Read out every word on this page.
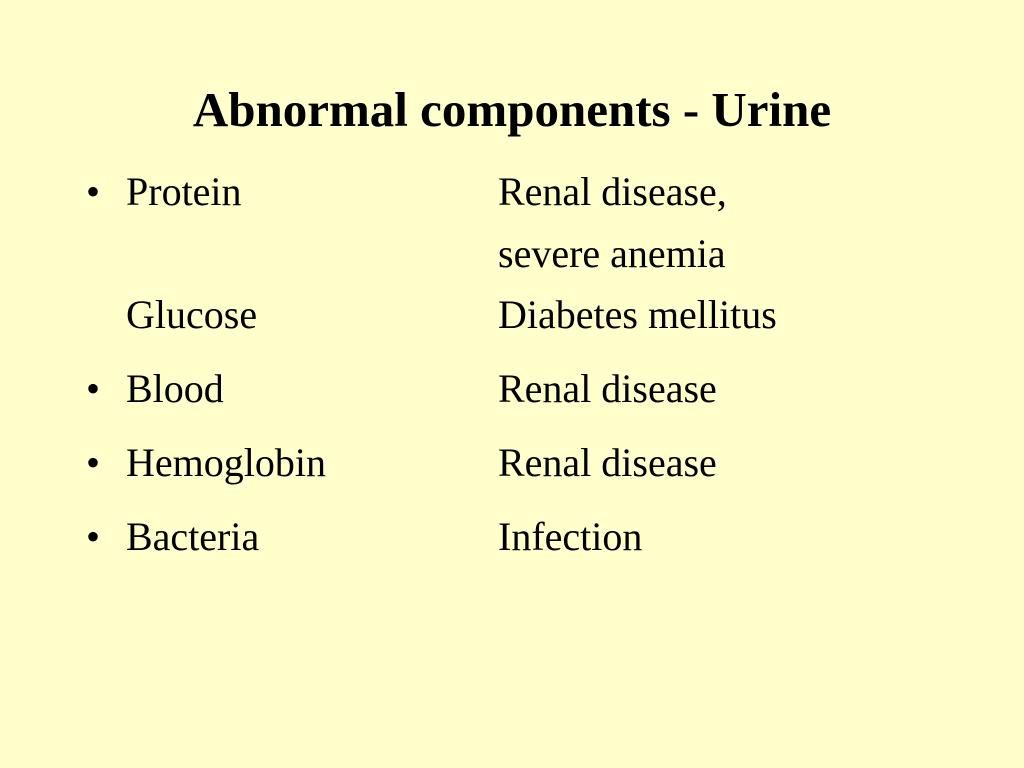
Abnormal components - Urine
• Protein	Renal disease,
severe anemia
Glucose	Diabetes mellitus
• Blood	Renal disease
• Hemoglobin	Renal disease
• Bacteria	Infection
